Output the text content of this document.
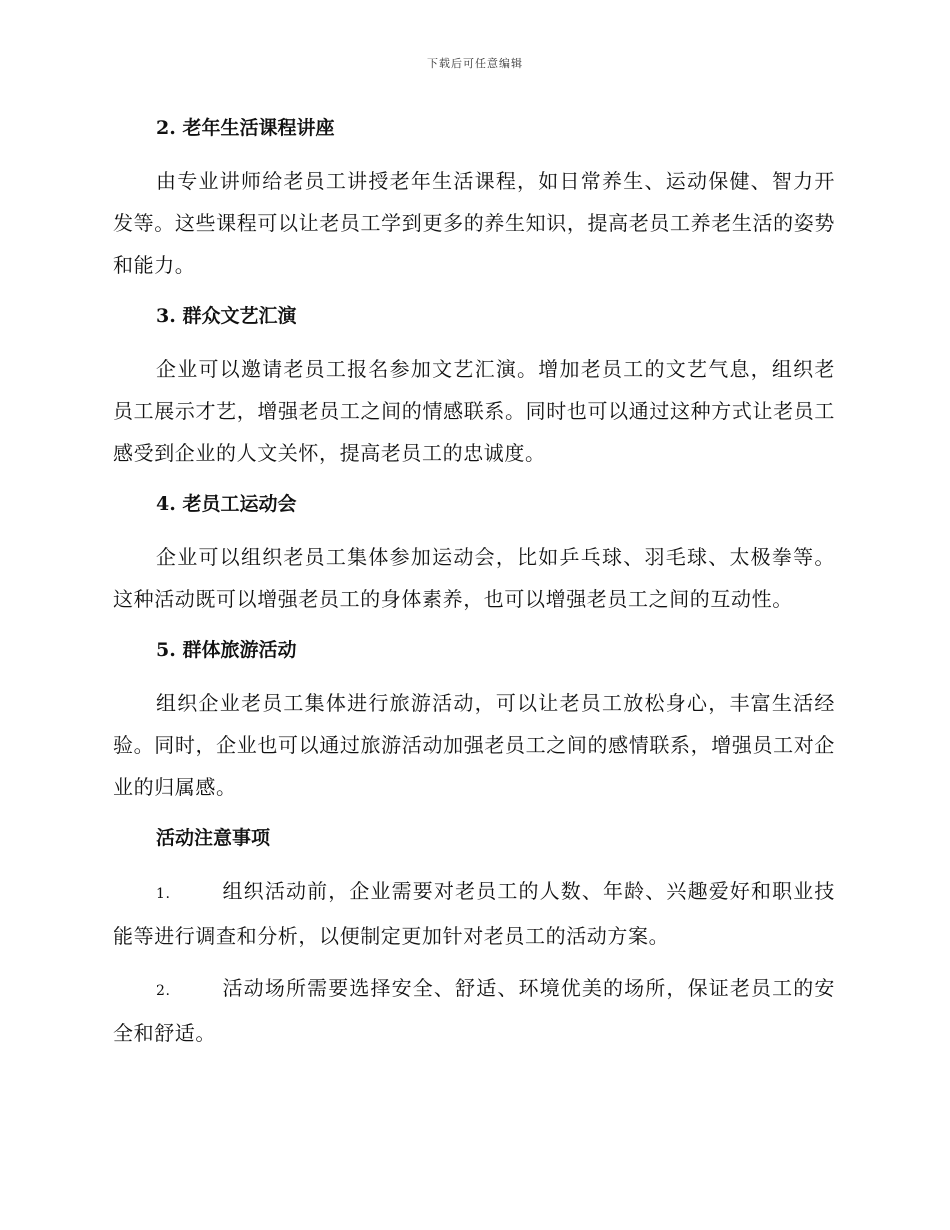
下载后可任意编辑
2. 老年生活课程讲座

由专业讲师给老员工讲授老年生活课程，如日常养生、运动保健、智力开发等。这些课程可以让老员工学到更多的养生知识，提高老员工养老生活的姿势和能力。

3. 群众文艺汇演

企业可以邀请老员工报名参加文艺汇演。增加老员工的文艺气息，组织老员工展示才艺，增强老员工之间的情感联系。同时也可以通过这种方式让老员工感受到企业的人文关怀，提高老员工的忠诚度。

4. 老员工运动会

企业可以组织老员工集体参加运动会，比如乒乓球、羽毛球、太极拳等。这种活动既可以增强老员工的身体素养，也可以增强老员工之间的互动性。

5. 群体旅游活动

组织企业老员工集体进行旅游活动，可以让老员工放松身心，丰富生活经验。同时，企业也可以通过旅游活动加强老员工之间的感情联系，增强员工对企业的归属感。

活动注意事项

1.	组织活动前，企业需要对老员工的人数、年龄、兴趣爱好和职业技能等进行调查和分析，以便制定更加针对老员工的活动方案。

2.	活动场所需要选择安全、舒适、环境优美的场所，保证老员工的安全和舒适。
